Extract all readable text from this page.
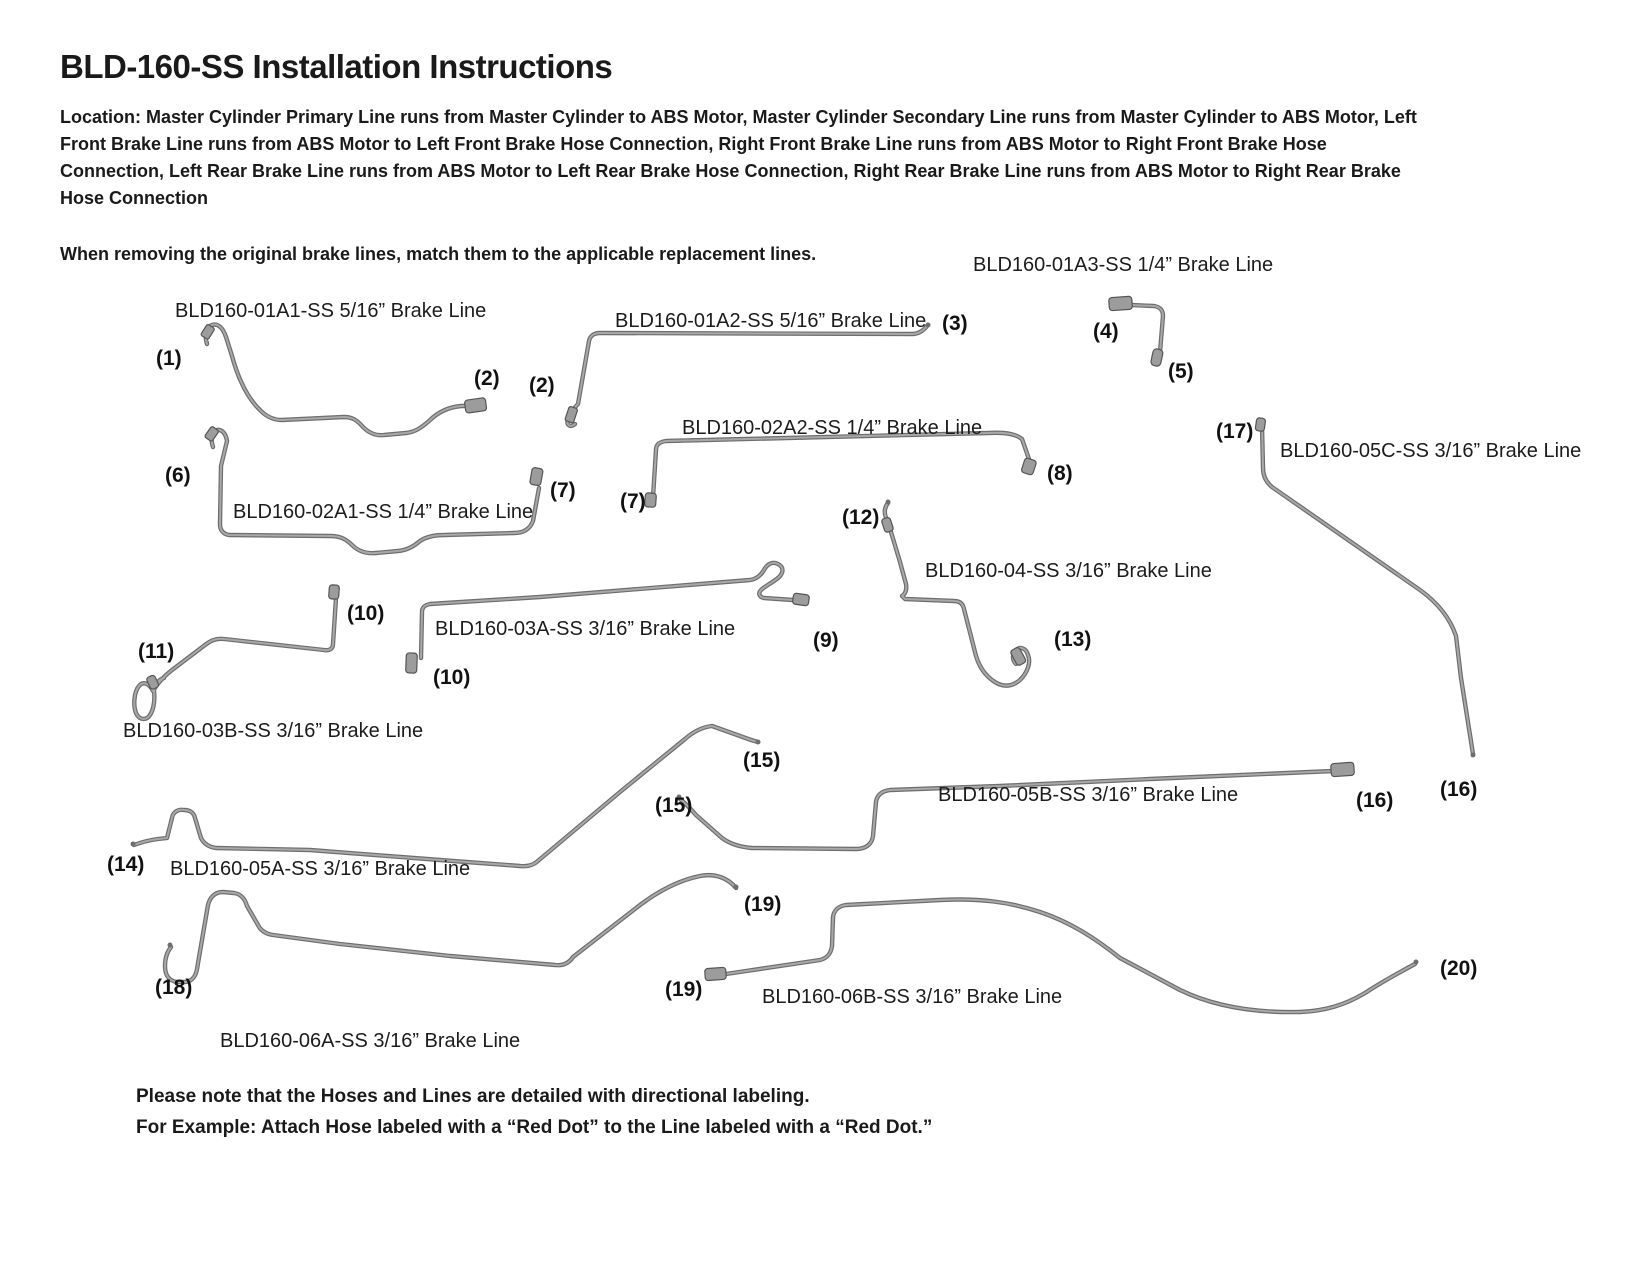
BLD-160-SS Installation Instructions

Location: Master Cylinder Primary Line runs from Master Cylinder to ABS Motor, Master Cylinder Secondary Line runs from Master Cylinder to ABS Motor, Left Front Brake Line runs from ABS Motor to Left Front Brake Hose Connection, Right Front Brake Line runs from ABS Motor to Right Front Brake Hose Connection, Left Rear Brake Line runs from ABS Motor to Left Rear Brake Hose Connection, Right Rear Brake Line runs from ABS Motor to Right Rear Brake Hose Connection

When removing the original brake lines, match them to the applicable replacement lines.

BLD160-01A1-SS 5/16” Brake Line	BLD160-01A2-SS 5/16” Brake Line
BLD160-01A3-SS 1/4” Brake Line
BLD160-02A1-SS 1/4” Brake Line
BLD160-02A2-SS 1/4” Brake Line
BLD160-03A-SS 3/16” Brake Line
BLD160-03B-SS 3/16” Brake Line
BLD160-04-SS 3/16” Brake Line
BLD160-05A-SS 3/16” Brake Line
BLD160-05B-SS 3/16” Brake Line
BLD160-05C-SS 3/16” Brake Line
BLD160-06A-SS 3/16” Brake Line
BLD160-06B-SS 3/16” Brake Line
(1)
(2) (2)
(3)	(4)
(5)
(6)
(7) (7)
(8)
(9)
(10)
(10)
(11)
(12)
(13)
(14)
(15)
(15)	(16) (16)
(17)
(18)
(19)
(19)
(20)

Please note that the Hoses and Lines are detailed with directional labeling.

For Example: Attach Hose labeled with a “Red Dot” to the Line labeled with a “Red Dot.”
